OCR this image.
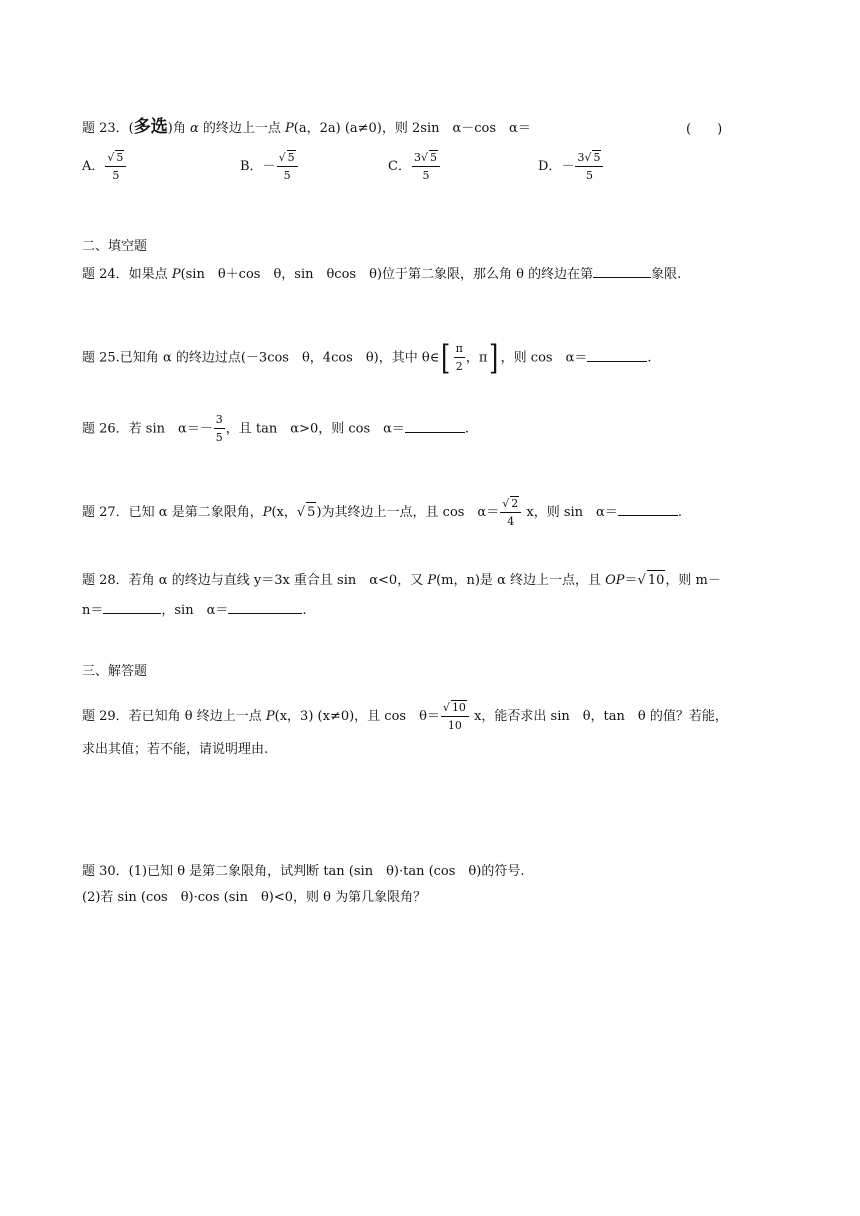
题 23．(多选)角 α 的终边上一点 P(a，2a) (a≠0)，则 2sin　α－cos　α＝	(　　)
A． $\frac{√ 5}{5}$	B．－ $\frac{√ 5}{5}$	C． $\frac{3√ 5}{5}$	D．－ $\frac{3√ 5}{5}$
二、填空题
题 24．如果点 P(sin　θ＋cos　θ，sin　θcos　θ)位于第二象限，那么角 θ 的终边在第	象限.
题 25.已知角 α 的终边过点(－3cos　θ，4cos　θ)，其中 θ∈[ $\frac{\pi}{2}$ ，π] ，则 cos　α＝	.
题 26．若 sin　$\alpha=- \frac{3}{5}$ ，且 tan　α>0，则 cos　α＝	.
题 27．已知 α 是第二象限角，P(x，√ 5)为其终边上一点，且 cos　$\alpha= \frac{√ 2}{4}$ x，则 sin　α＝	.
题 28．若角 α 的终边与直线 y＝3x 重合且 sin　α<0，又 P(m，n)是 α 终边上一点，且 OP＝√ 10，则 m－
n＝	，sin　α＝	.
三、解答题
题 29．若已知角 θ 终边上一点 P(x，3) (x≠0)，且 cos　$\theta= \frac{√ 10}{10}$ x，能否求出 sin　θ，tan　θ 的值？若能，
求出其值；若不能，请说明理由.
题 30．(1)已知 θ 是第二象限角，试判断 tan (sin　θ)·tan (cos　θ)的符号.
(2)若 sin (cos　θ)·cos (sin　θ)<0，则 θ 为第几象限角？
